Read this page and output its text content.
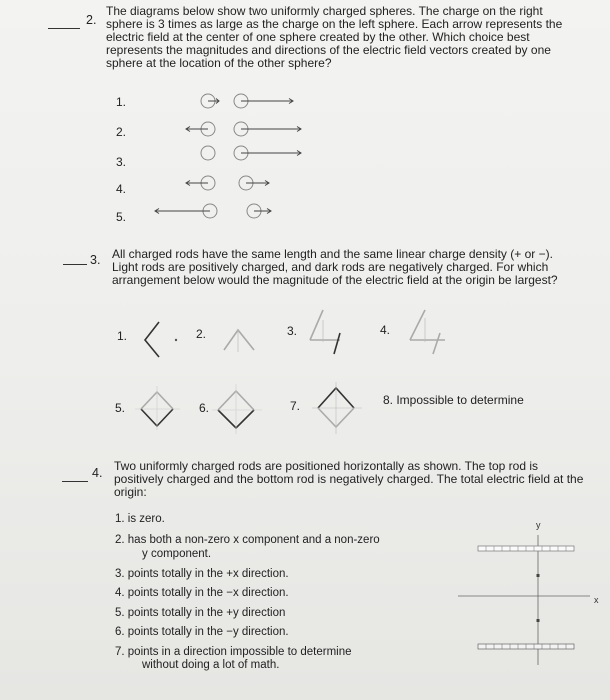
2.
The diagrams below show two uniformly charged spheres. The charge on the right sphere is 3 times as large as the charge on the left sphere. Each arrow represents the electric field at the center of one sphere created by the other. Which choice best represents the magnitudes and directions of the electric field vectors created by one sphere at the location of the other sphere?
1.
2.
3.
4.
5.
3. All charged rods have the same length and the same linear charge density (+ or −). Light rods are positively charged, and dark rods are negatively charged. For which arrangement below would the magnitude of the electric field at the origin be largest?
1.	2.	3.	4.
5.	6.	7.	8. Impossible to determine
4. Two uniformly charged rods are positioned horizontally as shown. The top rod is positively charged and the bottom rod is negatively charged. The total electric field at the origin:
1. is zero.
2. has both a non-zero x component and a non-zero
y component.
3. points totally in the +x direction.
4. points totally in the −x direction.
5. points totally in the +y direction
6. points totally in the −y direction.
7. points in a direction impossible to determine
without doing a lot of math.
y
x
